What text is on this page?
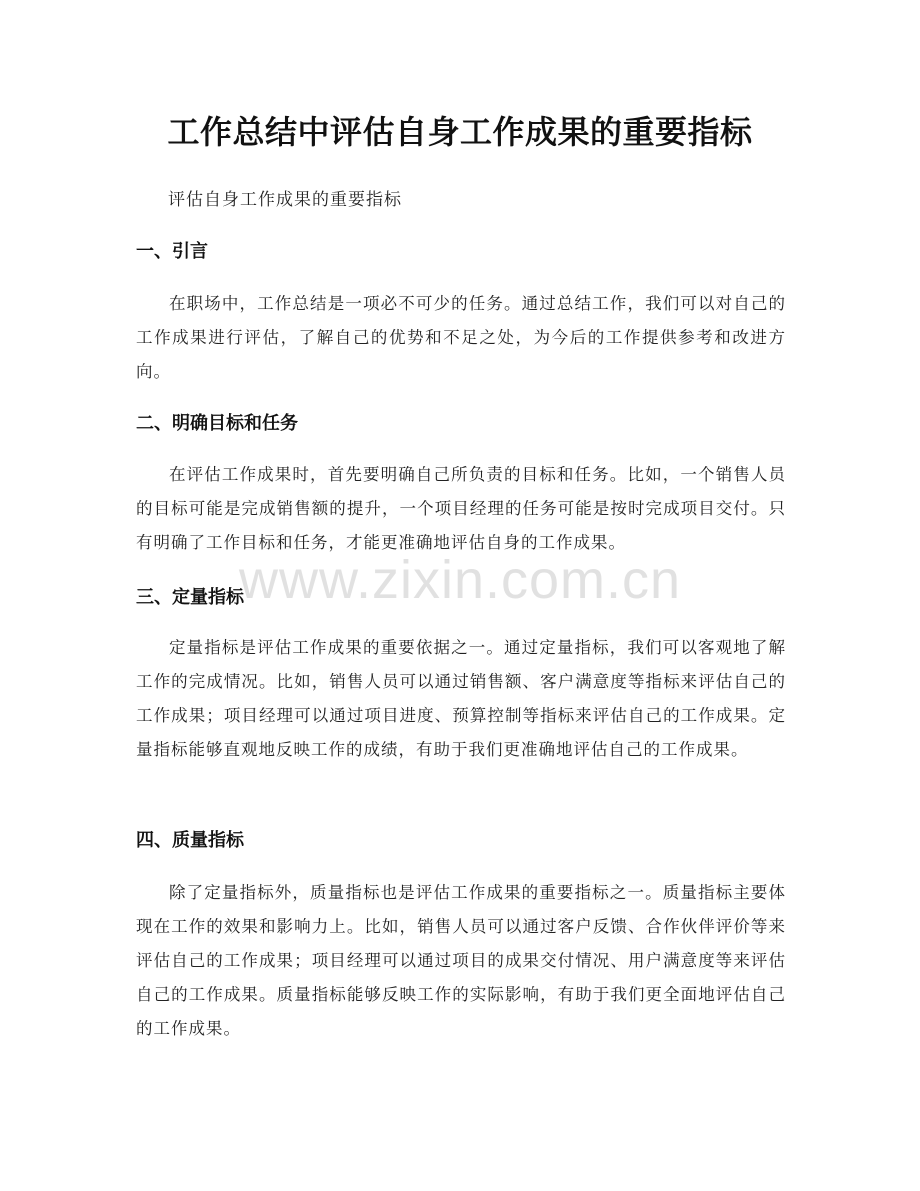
工作总结中评估自身工作成果的重要指标
评估自身工作成果的重要指标
一、引言
在职场中，工作总结是一项必不可少的任务。通过总结工作，我们可以对自己的工作成果进行评估，了解自己的优势和不足之处，为今后的工作提供参考和改进方向。
二、明确目标和任务
在评估工作成果时，首先要明确自己所负责的目标和任务。比如，一个销售人员的目标可能是完成销售额的提升，一个项目经理的任务可能是按时完成项目交付。只有明确了工作目标和任务，才能更准确地评估自身的工作成果。
三、定量指标
定量指标是评估工作成果的重要依据之一。通过定量指标，我们可以客观地了解工作的完成情况。比如，销售人员可以通过销售额、客户满意度等指标来评估自己的工作成果；项目经理可以通过项目进度、预算控制等指标来评估自己的工作成果。定量指标能够直观地反映工作的成绩，有助于我们更准确地评估自己的工作成果。
四、质量指标
除了定量指标外，质量指标也是评估工作成果的重要指标之一。质量指标主要体现在工作的效果和影响力上。比如，销售人员可以通过客户反馈、合作伙伴评价等来评估自己的工作成果；项目经理可以通过项目的成果交付情况、用户满意度等来评估自己的工作成果。质量指标能够反映工作的实际影响，有助于我们更全面地评估自己的工作成果。
www.zixin.com.cn
